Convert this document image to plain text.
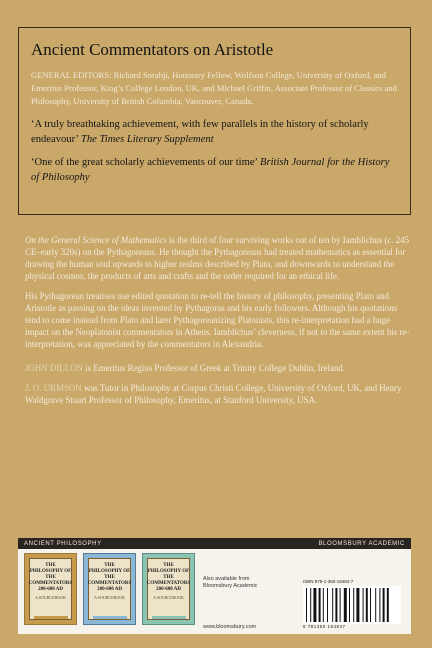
Ancient Commentators on Aristotle

GENERAL EDITORS: Richard Sorabji, Honorary Fellow, Wolfson College, University of Oxford, and Emeritus Professor, King’s College London, UK, and Michael Griffin, Associate Professor of Classics and Philosophy, University of British Columbia, Vancouver, Canada.

‘A truly breathtaking achievement, with few parallels in the history of scholarly endeavour’ The Times Literary Supplement

‘One of the great scholarly achievements of our time’ British Journal for the History of Philosophy

On the General Science of Mathematics is the third of four surviving works out of ten by Iamblichus (c. 245 CE–early 320s) on the Pythagoreans. He thought the Pythagoreans had treated mathematics as essential for drawing the human soul upwards to higher realms described by Plato, and downwards to understand the physical cosmos, the products of arts and crafts and the order required for an ethical life.

His Pythagorean treatises use edited quotation to re-tell the history of philosophy, presenting Plato and Aristotle as passing on the ideas invented by Pythagoras and his early followers. Although his quotations tend to come instead from Plato and later Pythagoreanizing Platonists, this re-interpretation had a huge impact on the Neoplatonist commentators in Athens. Iamblichus’ cleverness, if not to the same extent his re-interpretation, was appreciated by the commentators in Alexandria.

JOHN DILLON is Emeritus Regius Professor of Greek at Trinity College Dublin, Ireland.

J. O. URMSON was Tutor in Philosophy at Corpus Christi College, University of Oxford, UK, and Henry Waldgrave Stuart Professor of Philosophy, Emeritus, at Stanford University, USA.

ANCIENT PHILOSOPHY	BLOOMSBURY ACADEMIC
THE PHILOSOPHY OF THE COMMENTATORS 200-600 AD
A SOURCEBOOK
THE PHILOSOPHY OF THE COMMENTATORS 200-600 AD
A SOURCEBOOK
THE PHILOSOPHY OF THE COMMENTATORS 200-600 AD
A SOURCEBOOK
Also available from Bloomsbury Academic
www.bloomsbury.com
ISBN 978-1-350-19484-7
9 781350 194847
